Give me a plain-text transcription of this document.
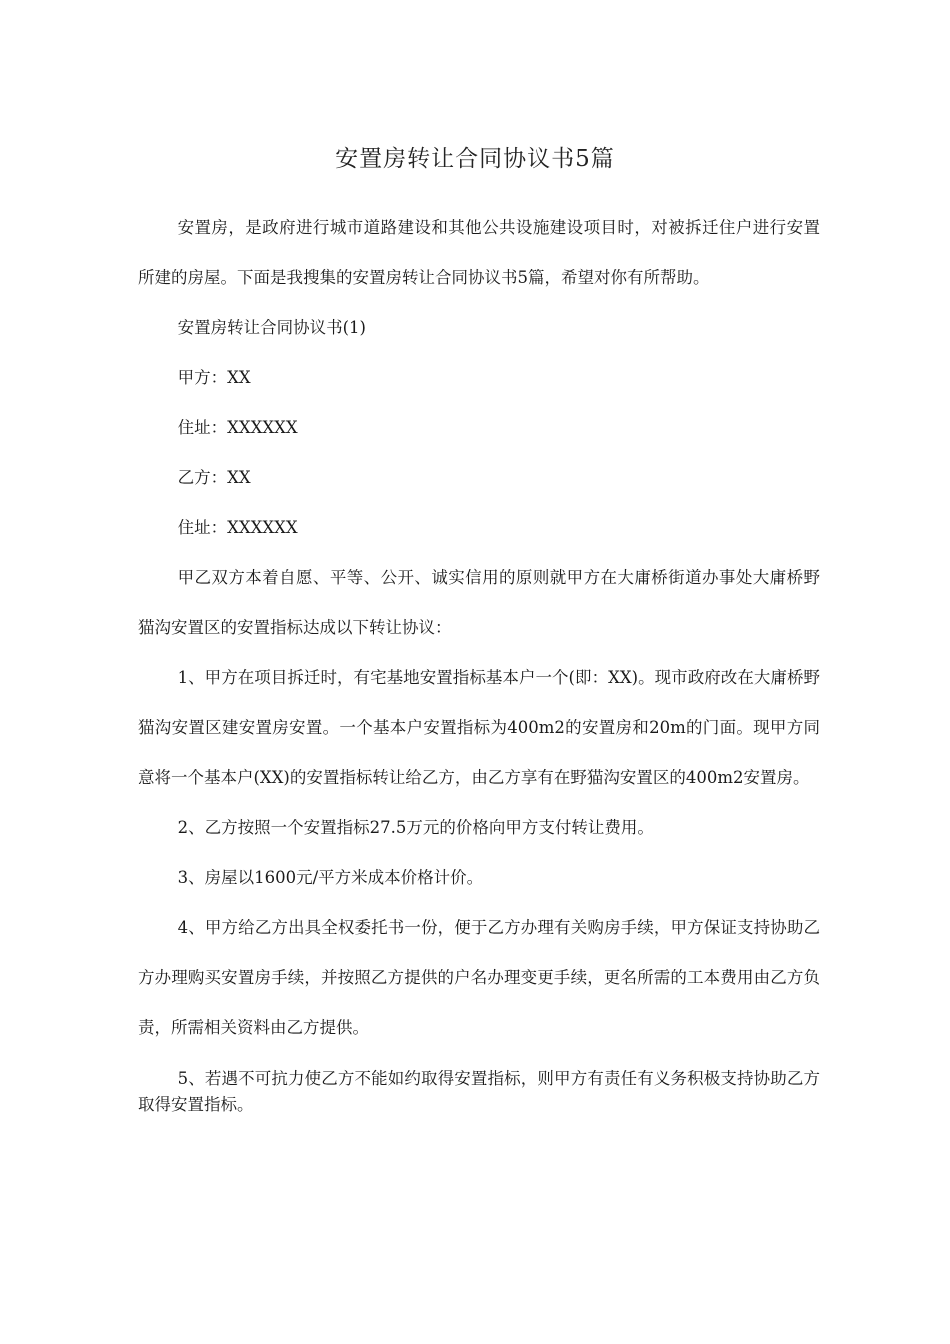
安置房转让合同协议书5篇

安置房，是政府进行城市道路建设和其他公共设施建设项目时，对被拆迁住户进行安置所建的房屋。下面是我搜集的安置房转让合同协议书5篇，希望对你有所帮助。

安置房转让合同协议书(1)

甲方：XX

住址：XXXXXX

乙方：XX

住址：XXXXXX

甲乙双方本着自愿、平等、公开、诚实信用的原则就甲方在大庸桥街道办事处大庸桥野猫沟安置区的安置指标达成以下转让协议：

1、甲方在项目拆迁时，有宅基地安置指标基本户一个(即：XX)。现市政府改在大庸桥野猫沟安置区建安置房安置。一个基本户安置指标为400m2的安置房和20m的门面。现甲方同意将一个基本户(XX)的安置指标转让给乙方，由乙方享有在野猫沟安置区的400m2安置房。

2、乙方按照一个安置指标27.5万元的价格向甲方支付转让费用。

3、房屋以1600元/平方米成本价格计价。

4、甲方给乙方出具全权委托书一份，便于乙方办理有关购房手续，甲方保证支持协助乙方办理购买安置房手续，并按照乙方提供的户名办理变更手续，更名所需的工本费用由乙方负责，所需相关资料由乙方提供。

5、若遇不可抗力使乙方不能如约取得安置指标，则甲方有责任有义务积极支持协助乙方取得安置指标。
